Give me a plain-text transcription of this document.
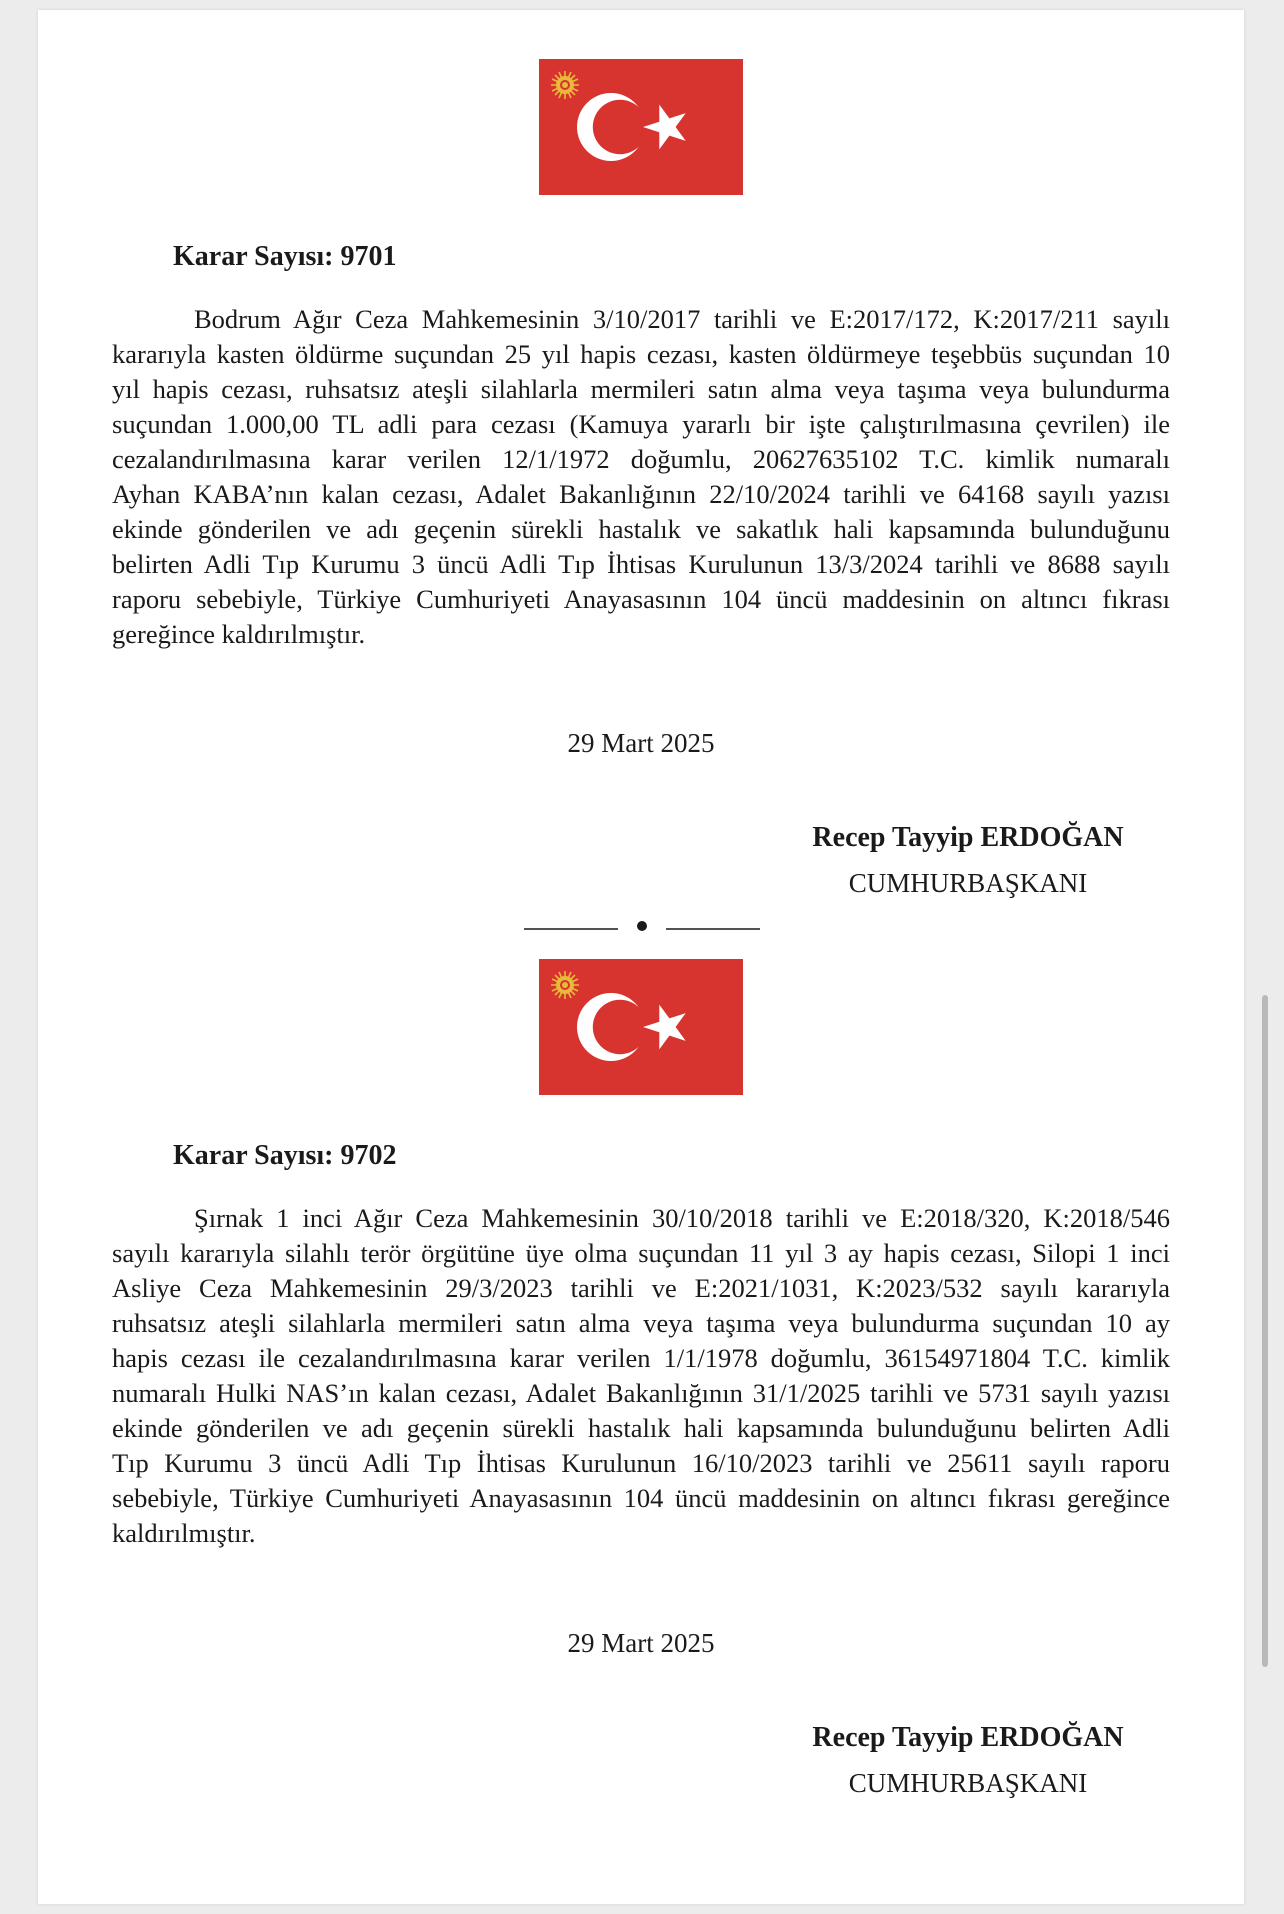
Karar Sayısı: 9701
Bodrum Ağır Ceza Mahkemesinin 3/10/2017 tarihli ve E:2017/172, K:2017/211 sayılı
kararıyla kasten öldürme suçundan 25 yıl hapis cezası, kasten öldürmeye teşebbüs suçundan 10
yıl hapis cezası, ruhsatsız ateşli silahlarla mermileri satın alma veya taşıma veya bulundurma
suçundan 1.000,00 TL adli para cezası (Kamuya yararlı bir işte çalıştırılmasına çevrilen) ile
cezalandırılmasına karar verilen 12/1/1972 doğumlu, 20627635102 T.C. kimlik numaralı
Ayhan KABA’nın kalan cezası, Adalet Bakanlığının 22/10/2024 tarihli ve 64168 sayılı yazısı
ekinde gönderilen ve adı geçenin sürekli hastalık ve sakatlık hali kapsamında bulunduğunu
belirten Adli Tıp Kurumu 3 üncü Adli Tıp İhtisas Kurulunun 13/3/2024 tarihli ve 8688 sayılı
raporu sebebiyle, Türkiye Cumhuriyeti Anayasasının 104 üncü maddesinin on altıncı fıkrası
gereğince kaldırılmıştır.
29 Mart 2025
Recep Tayyip ERDOĞAN
CUMHURBAŞKANI
Karar Sayısı: 9702
Şırnak 1 inci Ağır Ceza Mahkemesinin 30/10/2018 tarihli ve E:2018/320, K:2018/546
sayılı kararıyla silahlı terör örgütüne üye olma suçundan 11 yıl 3 ay hapis cezası, Silopi 1 inci
Asliye Ceza Mahkemesinin 29/3/2023 tarihli ve E:2021/1031, K:2023/532 sayılı kararıyla
ruhsatsız ateşli silahlarla mermileri satın alma veya taşıma veya bulundurma suçundan 10 ay
hapis cezası ile cezalandırılmasına karar verilen 1/1/1978 doğumlu, 36154971804 T.C. kimlik
numaralı Hulki NAS’ın kalan cezası, Adalet Bakanlığının 31/1/2025 tarihli ve 5731 sayılı yazısı
ekinde gönderilen ve adı geçenin sürekli hastalık hali kapsamında bulunduğunu belirten Adli
Tıp Kurumu 3 üncü Adli Tıp İhtisas Kurulunun 16/10/2023 tarihli ve 25611 sayılı raporu
sebebiyle, Türkiye Cumhuriyeti Anayasasının 104 üncü maddesinin on altıncı fıkrası gereğince
kaldırılmıştır.
29 Mart 2025
Recep Tayyip ERDOĞAN
CUMHURBAŞKANI
